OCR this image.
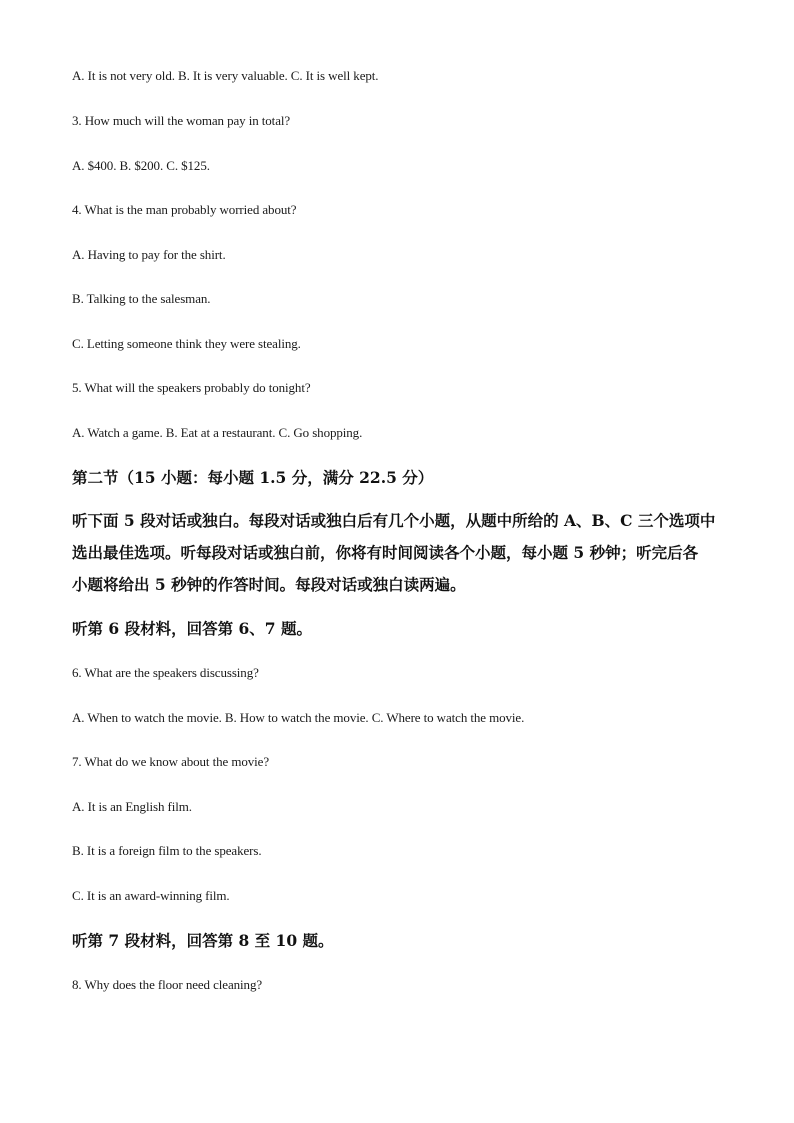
A. It is not very old. B. It is very valuable. C. It is well kept.
3. How much will the woman pay in total?
A. $400. B. $200. C. $125.
4. What is the man probably worried about?
A. Having to pay for the shirt.
B. Talking to the salesman.
C. Letting someone think they were stealing.
5. What will the speakers probably do tonight?
A. Watch a game. B. Eat at a restaurant. C. Go shopping.
第二节（15 小题：每小题 1.5 分，满分 22.5 分）
听下面 5 段对话或独白。每段对话或独白后有几个小题，从题中所给的 A、B、C 三个选项中
选出最佳选项。听每段对话或独白前，你将有时间阅读各个小题，每小题 5 秒钟；听完后各
小题将给出 5 秒钟的作答时间。每段对话或独白读两遍。
听第 6 段材料，回答第 6、7 题。
6. What are the speakers discussing?
A. When to watch the movie. B. How to watch the movie. C. Where to watch the movie.
7. What do we know about the movie?
A. It is an English film.
B. It is a foreign film to the speakers.
C. It is an award-winning film.
听第 7 段材料，回答第 8 至 10 题。
8. Why does the floor need cleaning?
